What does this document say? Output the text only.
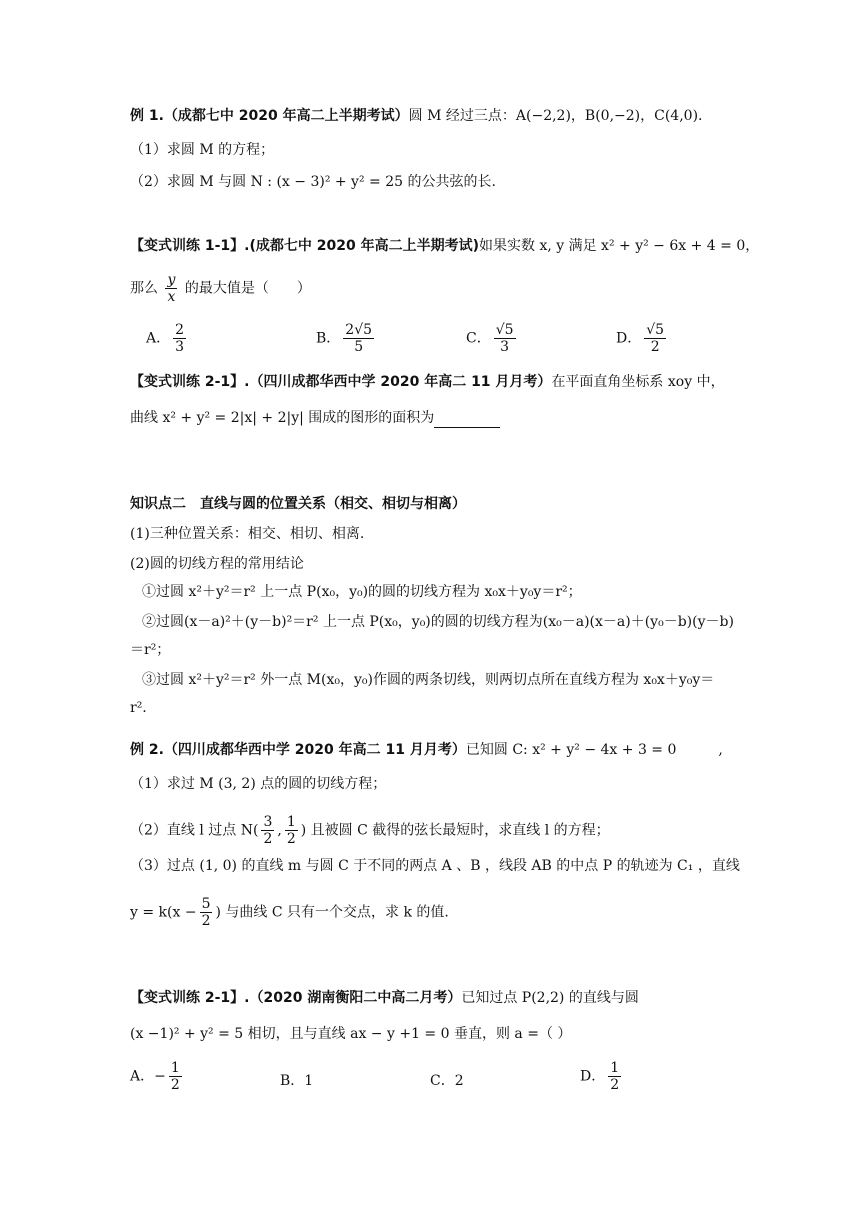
例 1.（成都七中 2020 年高二上半期考试）圆 M 经过三点：A(−2,2)，B(0,−2)，C(4,0).
（1）求圆 M 的方程；
（2）求圆 M 与圆 N : (x − 3)² + y² = 25 的公共弦的长.
【变式训练 1-1】.(成都七中 2020 年高二上半期考试)如果实数 x, y 满足 x² + y² − 6x + 4 = 0，
那么 $\frac{y}{x}$ 的最大值是（　　）
A． $\frac{2}{3}$	B． $\frac{2√5}{5}$	C． $\frac{√5}{3}$	D． $\frac{√5}{2}$
【变式训练 2-1】.（四川成都华西中学 2020 年高二 11 月月考）在平面直角坐标系 xoy 中，
曲线 x² + y² = 2|x| + 2|y| 围成的图形的面积为
知识点二　直线与圆的位置关系（相交、相切与相离）
(1)三种位置关系：相交、相切、相离.
(2)圆的切线方程的常用结论
①过圆 x²＋y²＝r² 上一点 P(x₀，y₀)的圆的切线方程为 x₀x＋y₀y＝r²；
②过圆(x－a)²＋(y－b)²＝r² 上一点 P(x₀，y₀)的圆的切线方程为(x₀－a)(x－a)＋(y₀－b)(y－b)
＝r²；
③过圆 x²＋y²＝r² 外一点 M(x₀，y₀)作圆的两条切线，则两切点所在直线方程为 x₀x＋y₀y＝
r².
例 2.（四川成都华西中学 2020 年高二 11 月月考）已知圆 C: x² + y² − 4x + 3 = 0　　　,
（1）求过 M (3, 2) 点的圆的切线方程；
（2）直线 l 过点 $N( \frac{3}{2}$ , $\frac{1}{2}$ ) 且被圆 C 截得的弦长最短时，求直线 l 的方程；
（3）过点 (1, 0) 的直线 m 与圆 C 于不同的两点 A 、B ，线段 AB 的中点 P 的轨迹为 C₁ ，直线
$y = k(x - \frac{5}{2}$ ) 与曲线 C 只有一个交点，求 k 的值.
【变式训练 2-1】.（2020 湖南衡阳二中高二月考）已知过点 P(2,2) 的直线与圆
(x −1)² + y² = 5 相切，且与直线 ax − y +1 = 0 垂直，则 a =（ ）
A．− $\frac{1}{2}$	B．1	C．2	D． $\frac{1}{2}$
